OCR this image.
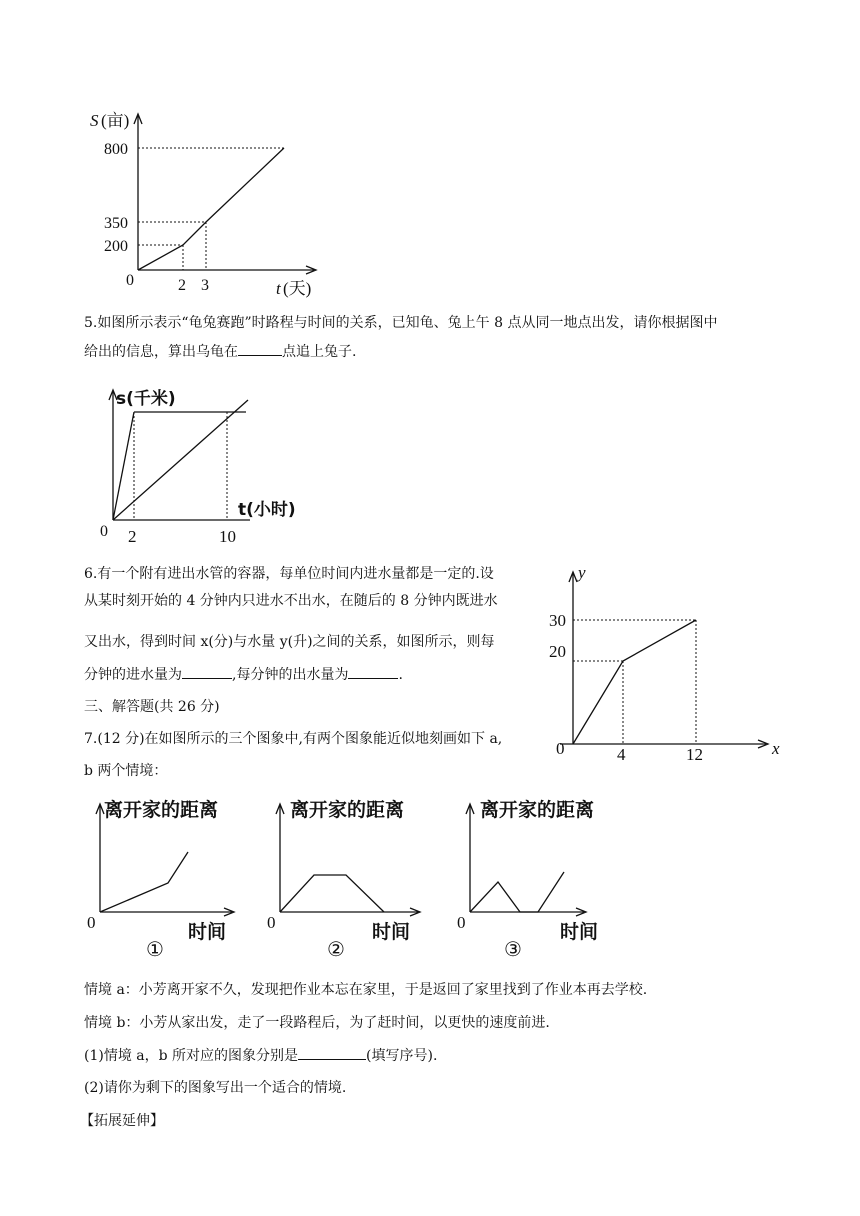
S (亩)
800
350
200
0	2 3	t (天)
5.如图所示表示“龟兔赛跑”时路程与时间的关系，已知龟、兔上午 8 点从同一地点出发，请你根据图中
给出的信息，算出乌龟在	点追上兔子.
s(千米)
t(小时)
0 2	10
6.有一个附有进出水管的容器，每单位时间内进水量都是一定的.设
从某时刻开始的 4 分钟内只进水不出水，在随后的 8 分钟内既进水
又出水，得到时间 x(分)与水量 y(升)之间的关系，如图所示，则每
分钟的进水量为	,每分钟的出水量为	.
y
30
20
0	4	12	x
三、解答题(共 26 分)
7.(12 分)在如图所示的三个图象中,有两个图象能近似地刻画如下 a,
b 两个情境：
离开家的距离
0	时间
①
离开家的距离
0	时间
②
离开家的距离
0	时间
③
情境 a：小芳离开家不久，发现把作业本忘在家里，于是返回了家里找到了作业本再去学校.
情境 b：小芳从家出发，走了一段路程后，为了赶时间，以更快的速度前进.
(1)情境 a，b 所对应的图象分别是	(填写序号).
(2)请你为剩下的图象写出一个适合的情境.
【拓展延伸】
